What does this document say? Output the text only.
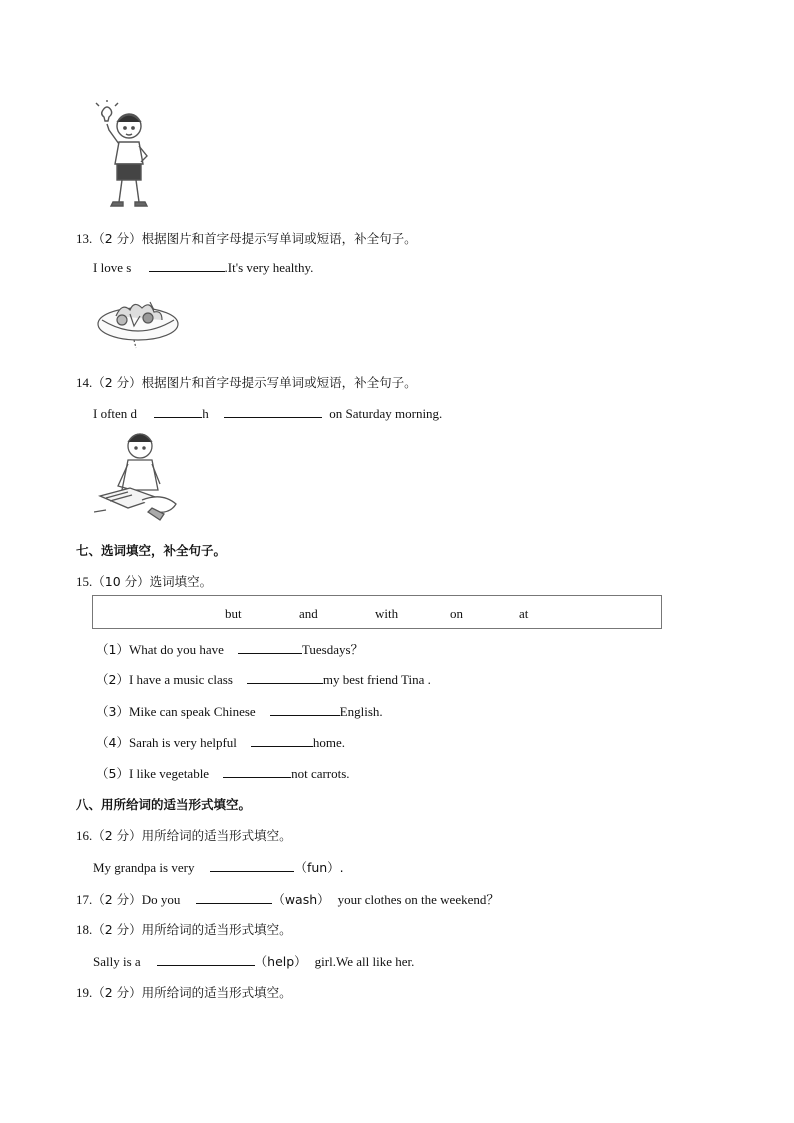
13.（2 分）根据图片和首字母提示写单词或短语，补全句子。
I love s	.It's very healthy.
14.（2 分）根据图片和首字母提示写单词或短语，补全句子。
I often d	h	on Saturday morning.
七、选词填空，补全句子。
15.（10 分）选词填空。
but	and	with	on	at
（1）What do you have	Tuesdays？
（2）I have a music class	my best friend Tina .
（3）Mike can speak Chinese	English.
（4）Sarah is very helpful	home.
（5）I like vegetable	not carrots.
八、用所给词的适当形式填空。
16.（2 分）用所给词的适当形式填空。
My grandpa is very	（fun）.
17.（2 分）Do you	（wash） your clothes on the weekend？
18.（2 分）用所给词的适当形式填空。
Sally is a	（help） girl.We all like her.
19.（2 分）用所给词的适当形式填空。
